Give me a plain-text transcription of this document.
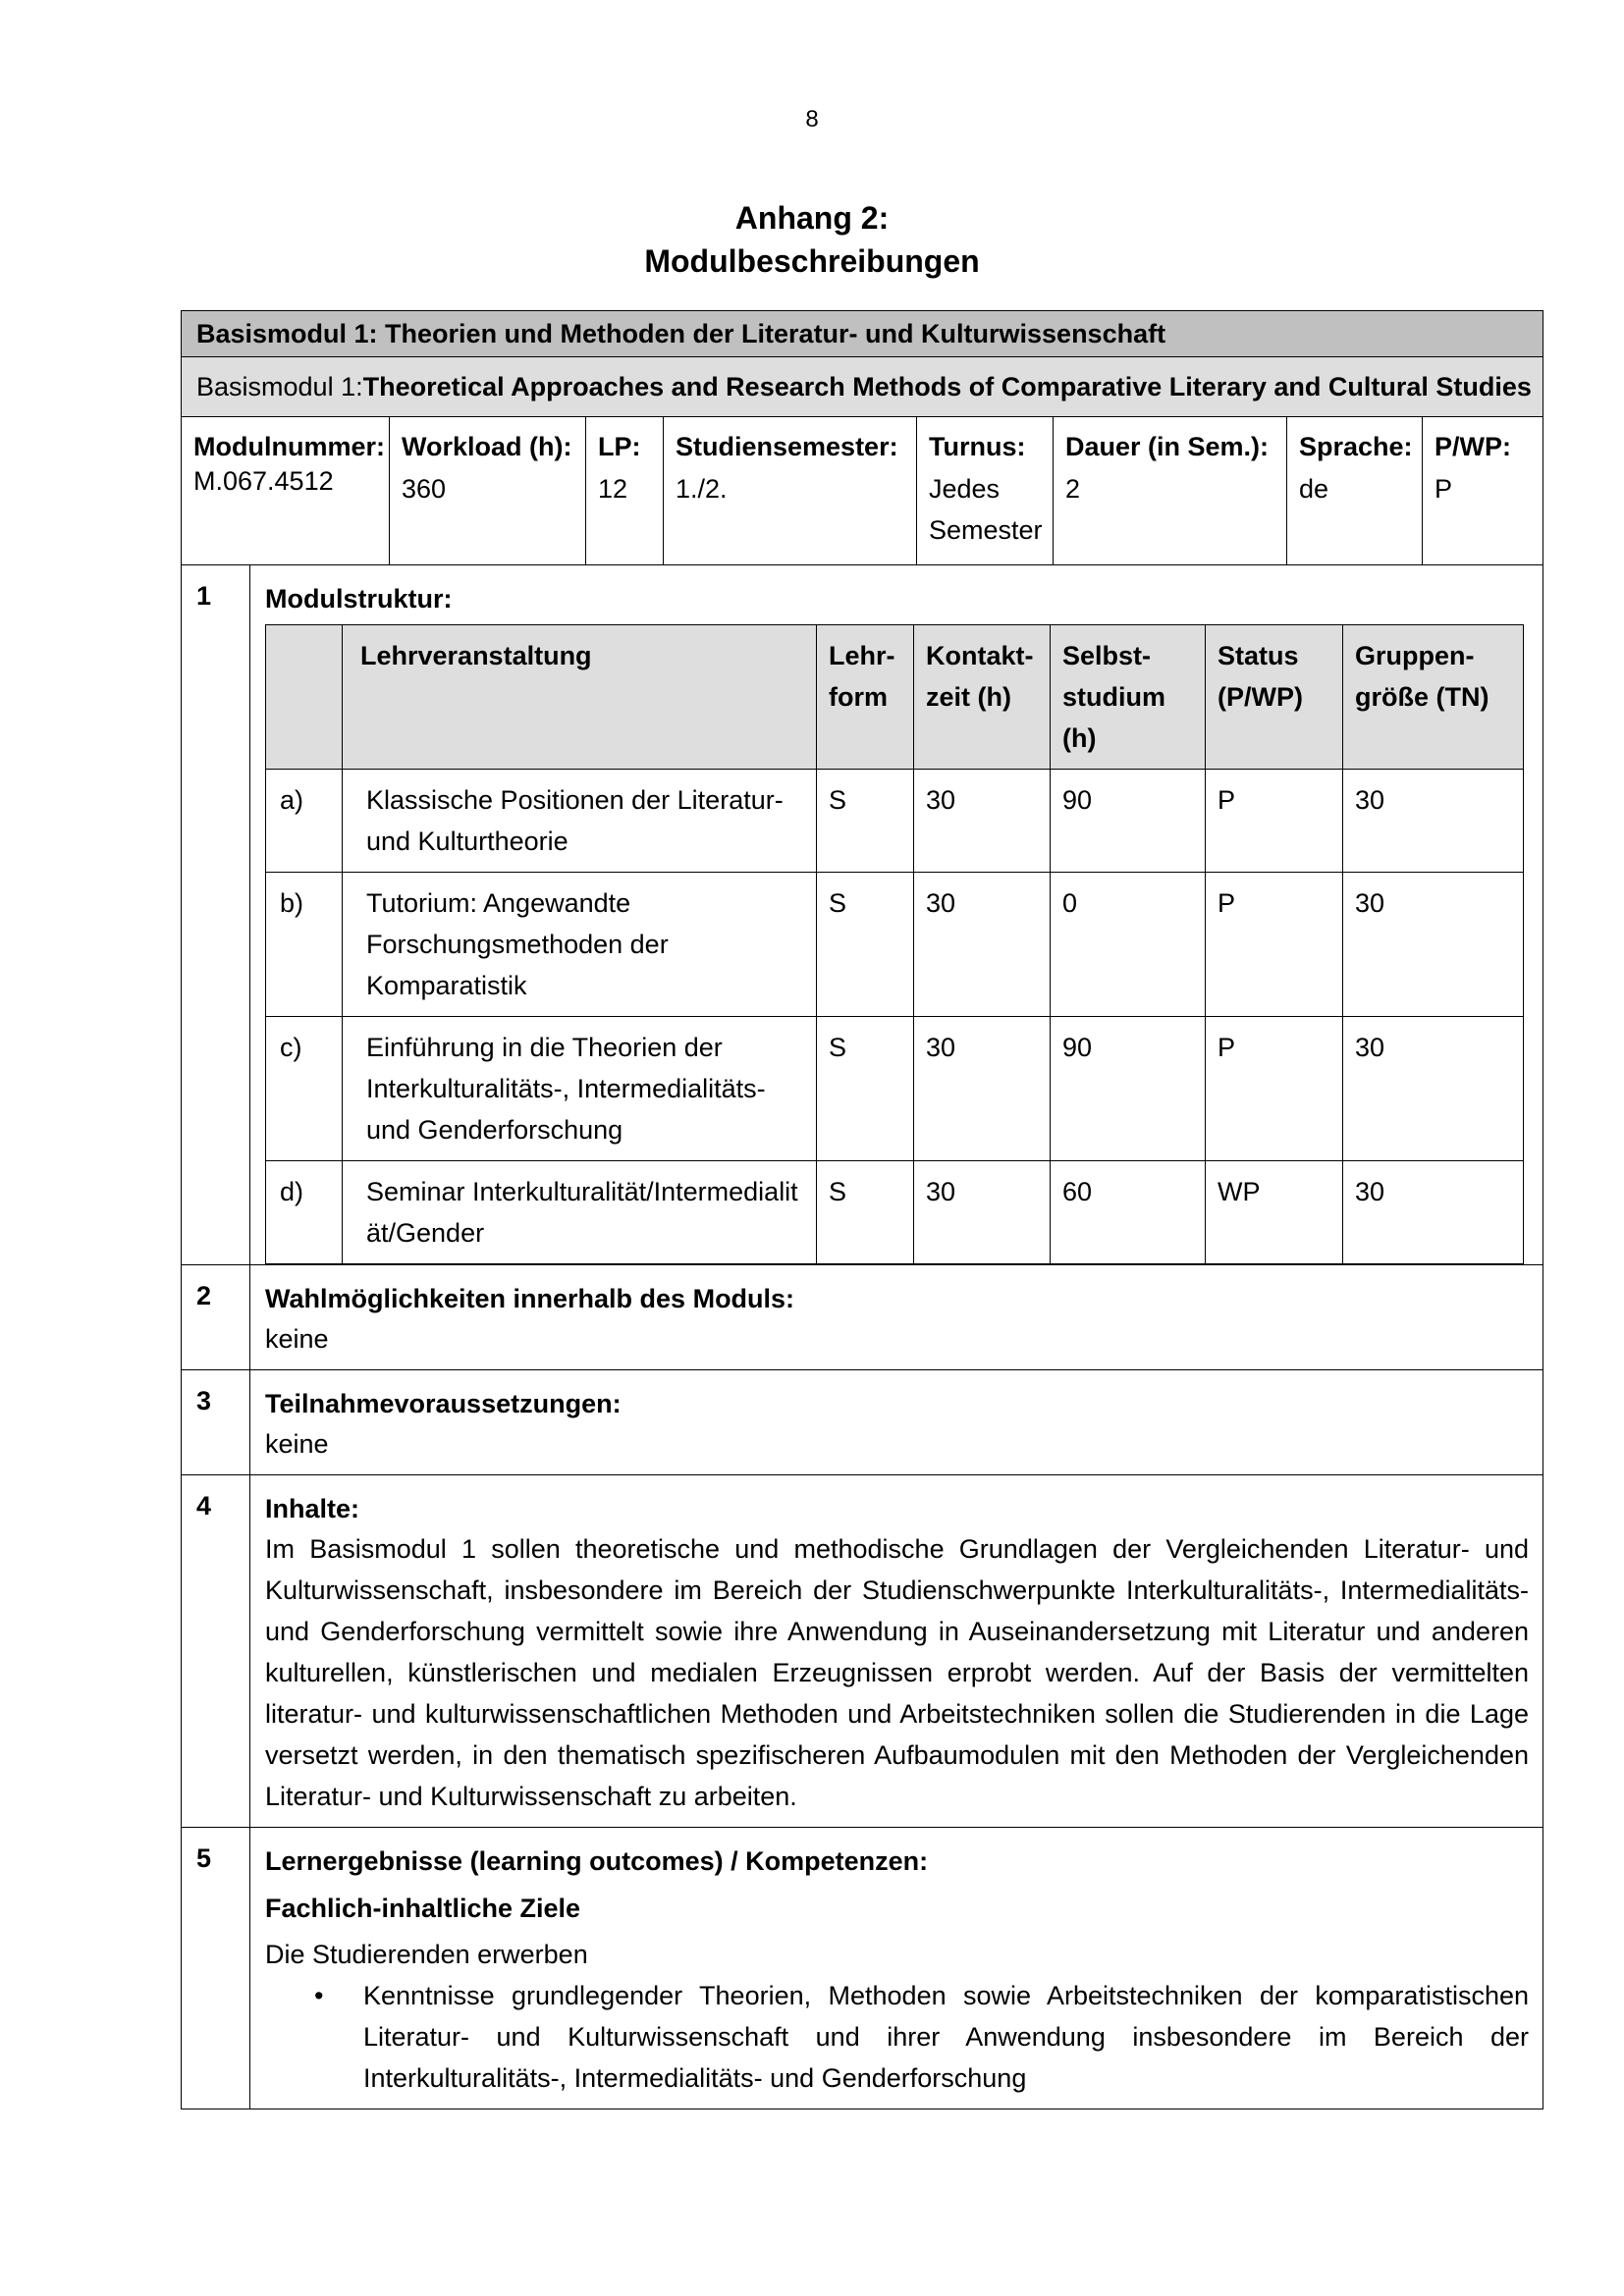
8
Anhang 2:
Modulbeschreibungen
Basismodul 1: Theorien und Methoden der Literatur- und Kulturwissenschaft
Basismodul 1: Theoretical Approaches and Research Methods of Comparative Literary and Cultural Studies
Modulnummer:
M.067.4512
Workload (h):
360
LP:
12
Studiensemester:
1./2.
Turnus:
Jedes Semester
Dauer (in Sem.):
2
Sprache:
de
P/WP:
P
1	Modulstruktur:
	Lehrveranstaltung	Lehr-form	Kontakt-zeit (h)	Selbst-studium (h)	Status (P/WP)	Gruppen-größe (TN)
a)	Klassische Positionen der Literatur- und Kulturtheorie	S	30	90	P	30
b)	Tutorium: Angewandte Forschungsmethoden der Komparatistik	S	30	0	P	30
c)	Einführung in die Theorien der Interkulturalitäts-, Intermedialitäts- und Genderforschung	S	30	90	P	30
d)	Seminar Interkulturalität/Intermedialität/Gender	S	30	60	WP	30
2	Wahlmöglichkeiten innerhalb des Moduls:
keine
3	Teilnahmevoraussetzungen:
keine
4	Inhalte:
Im Basismodul 1 sollen theoretische und methodische Grundlagen der Vergleichenden Literatur- und Kulturwissenschaft, insbesondere im Bereich der Studienschwerpunkte Interkulturalitäts-, Intermedialitäts- und Genderforschung vermittelt sowie ihre Anwendung in Auseinandersetzung mit Literatur und anderen kulturellen, künstlerischen und medialen Erzeugnissen erprobt werden. Auf der Basis der vermittelten literatur- und kulturwissenschaftlichen Methoden und Arbeitstechniken sollen die Studierenden in die Lage versetzt werden, in den thematisch spezifischeren Aufbaumodulen mit den Methoden der Vergleichenden Literatur- und Kulturwissenschaft zu arbeiten.
5	Lernergebnisse (learning outcomes) / Kompetenzen:
Fachlich-inhaltliche Ziele
Die Studierenden erwerben
• Kenntnisse grundlegender Theorien, Methoden sowie Arbeitstechniken der komparatistischen Literatur- und Kulturwissenschaft und ihrer Anwendung insbesondere im Bereich der Interkulturalitäts-, Intermedialitäts- und Genderforschung
